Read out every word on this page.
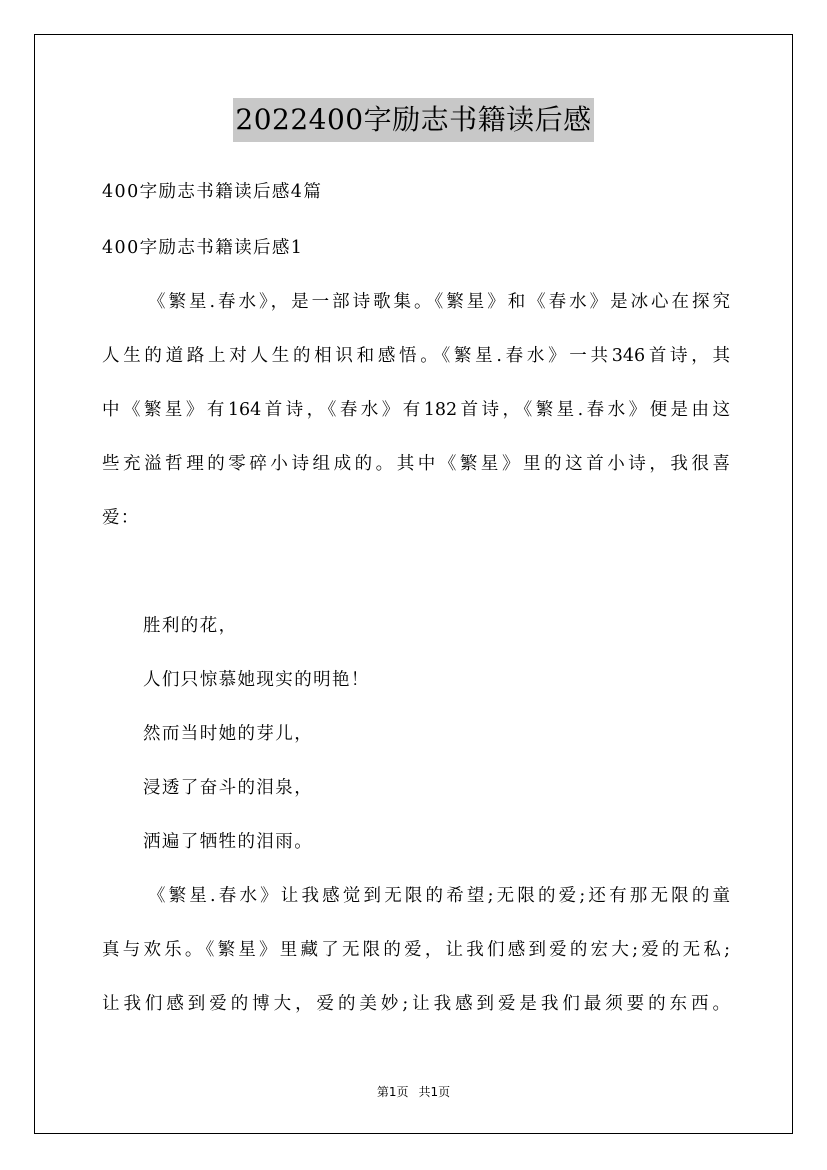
2022400字励志书籍读后感
400字励志书籍读后感4篇
400字励志书籍读后感1
《繁星.春水》，是一部诗歌集。《繁星》和《春水》是冰心在探究
人生的道路上对人生的相识和感悟。《繁星.春水》一共346首诗，其
中《繁星》有164首诗，《春水》有182首诗，《繁星.春水》便是由这
些充溢哲理的零碎小诗组成的。其中《繁星》里的这首小诗，我很喜
爱：
胜利的花，
人们只惊慕她现实的明艳！
然而当时她的芽儿，
浸透了奋斗的泪泉，
洒遍了牺牲的泪雨。
《繁星.春水》让我感觉到无限的希望;无限的爱;还有那无限的童
真与欢乐。《繁星》里藏了无限的爱，让我们感到爱的宏大;爱的无私;
让我们感到爱的博大，爱的美妙;让我感到爱是我们最须要的东西。
第1页 共1页
